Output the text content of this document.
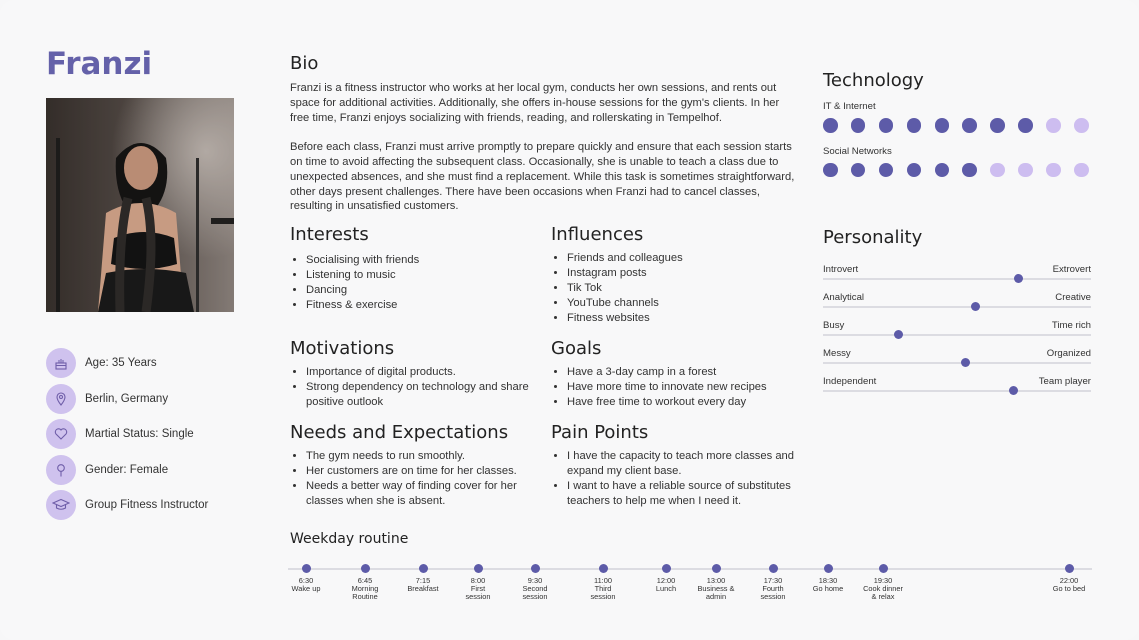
Franzi
Age: 35 Years
Berlin, Germany
Martial Status: Single
Gender: Female
Group Fitness Instructor
Bio

Franzi is a fitness instructor who works at her local gym, conducts her own sessions, and rents out space for additional activities. Additionally, she offers in-house sessions for the gym's clients. In her free time, Franzi enjoys socializing with friends, reading, and rollerskating in Tempelhof.

Before each class, Franzi must arrive promptly to prepare quickly and ensure that each session starts on time to avoid affecting the subsequent class. Occasionally, she is unable to teach a class due to unexpected absences, and she must find a replacement. While this task is sometimes straightforward, other days present challenges. There have been occasions when Franzi had to cancel classes, resulting in unsatisfied customers.

Interests
• Socialising with friends
• Listening to music
• Dancing
• Fitness & exercise
Influences
• Friends and colleagues
• Instagram posts
• Tik Tok
• YouTube channels
• Fitness websites
Motivations
• Importance of digital products.
• Strong dependency on technology and share positive outlook
Goals
• Have a 3-day camp in a forest
• Have more time to innovate new recipes
• Have free time to workout every day
Needs and Expectations
• The gym needs to run smoothly.
• Her customers are on time for her classes.
• Needs a better way of finding cover for her classes when she is absent.
Pain Points
• I have the capacity to teach more classes and expand my client base.
• I want to have a reliable source of substitutes teachers to help me when I need it.
Technology
IT & Internet
Social Networks
Personality
Introvert	Extrovert
Analytical	Creative
Busy	Time rich
Messy	Organized
Independent	Team player
Weekday routine
6:30
Wake up
6:45
Morning
Routine
7:15
Breakfast
8:00
First
session
9:30
Second
session
11:00
Third
session
12:00
Lunch
13:00
Business &
admin
17:30
Fourth
session
18:30
Go home
19:30
Cook dinner
& relax
22:00
Go to bed
